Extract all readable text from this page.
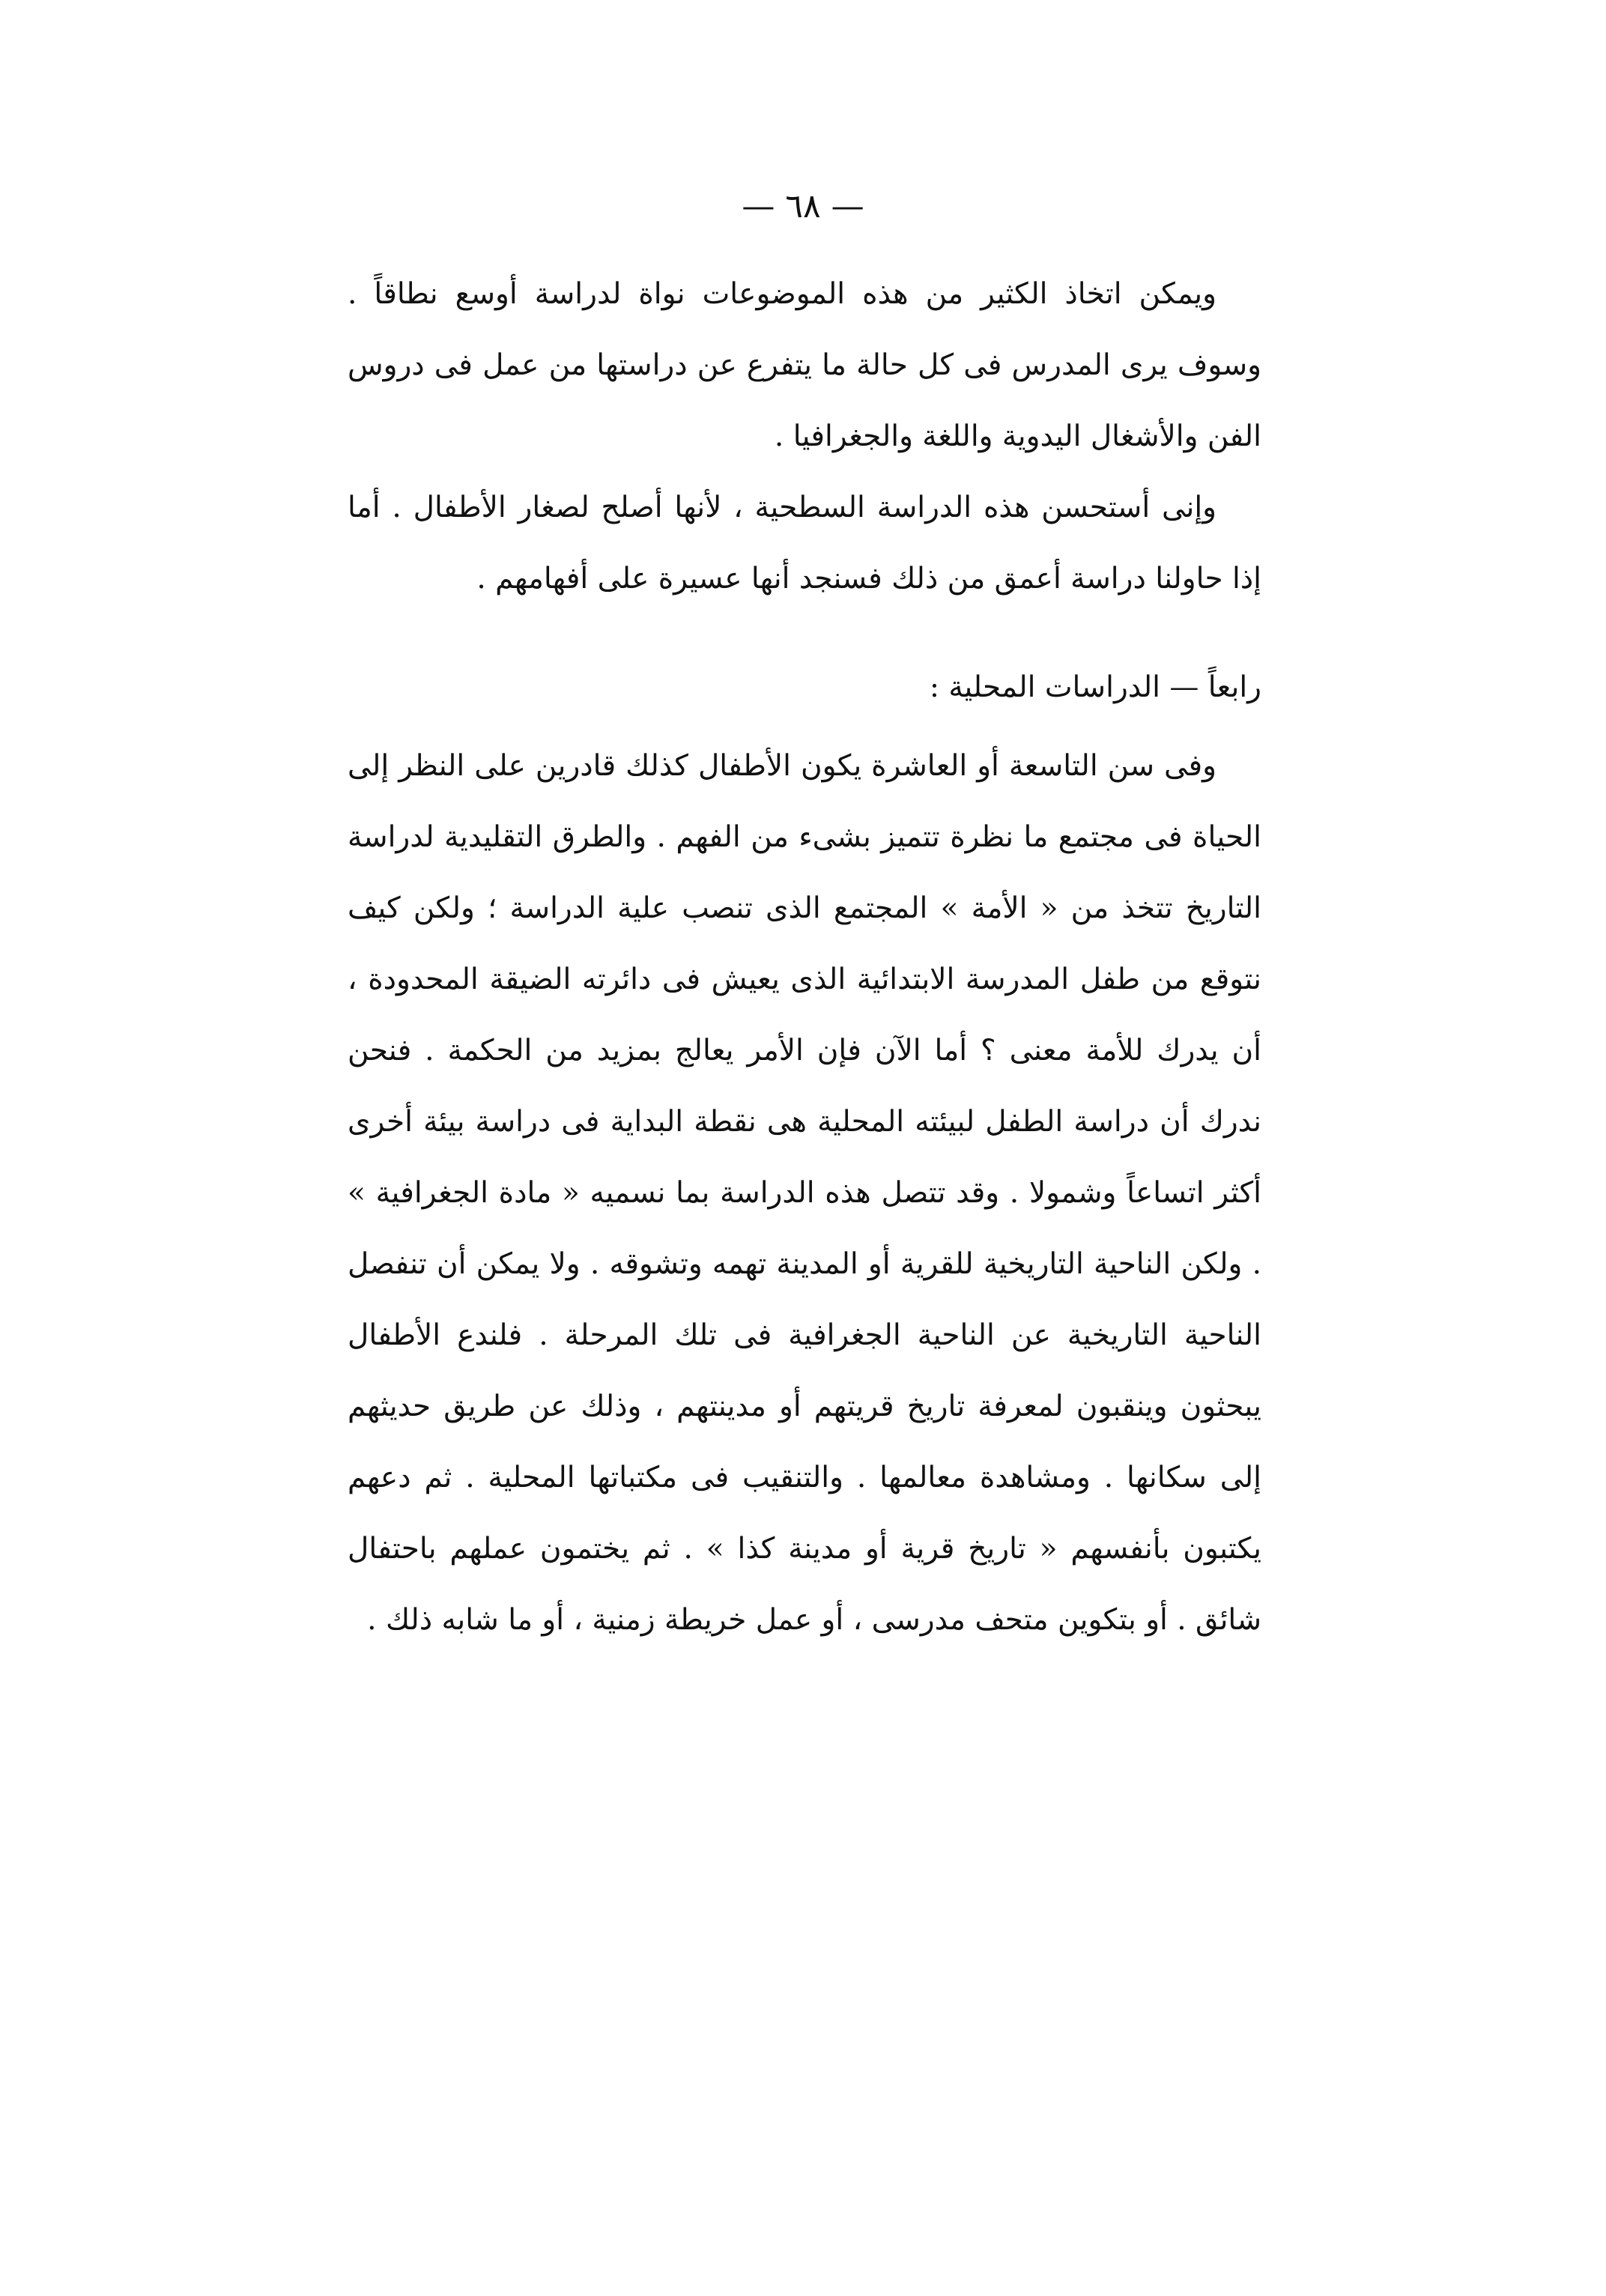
— ٦٨ —

ويمكن اتخاذ الكثير من هذه الموضوعات نواة لدراسة أوسع نطاقاً . وسوف يرى المدرس فى كل حالة ما يتفرع عن دراستها من عمل فى دروس الفن والأشغال اليدوية واللغة والجغرافيا .

وإنى أستحسن هذه الدراسة السطحية ، لأنها أصلح لصغار الأطفال . أما إذا حاولنا دراسة أعمق من ذلك فسنجد أنها عسيرة على أفهامهم .

رابعاً — الدراسات المحلية :

وفى سن التاسعة أو العاشرة يكون الأطفال كذلك قادرين على النظر إلى الحياة فى مجتمع ما نظرة تتميز بشىء من الفهم . والطرق التقليدية لدراسة التاريخ تتخذ من « الأمة » المجتمع الذى تنصب علية الدراسة ؛ ولكن كيف نتوقع من طفل المدرسة الابتدائية الذى يعيش فى دائرته الضيقة المحدودة ، أن يدرك للأمة معنى ؟ أما الآن فإن الأمر يعالج بمزيد من الحكمة . فنحن ندرك أن دراسة الطفل لبيئته المحلية هى نقطة البداية فى دراسة بيئة أخرى أكثر اتساعاً وشمولا . وقد تتصل هذه الدراسة بما نسميه « مادة الجغرافية » . ولكن الناحية التاريخية للقرية أو المدينة تهمه وتشوقه . ولا يمكن أن تنفصل الناحية التاريخية عن الناحية الجغرافية فى تلك المرحلة . فلندع الأطفال يبحثون وينقبون لمعرفة تاريخ قريتهم أو مدينتهم ، وذلك عن طريق حديثهم إلى سكانها . ومشاهدة معالمها . والتنقيب فى مكتباتها المحلية . ثم دعهم يكتبون بأنفسهم « تاريخ قرية أو مدينة كذا » . ثم يختمون عملهم باحتفال شائق . أو بتكوين متحف مدرسى ، أو عمل خريطة زمنية ، أو ما شابه ذلك .
